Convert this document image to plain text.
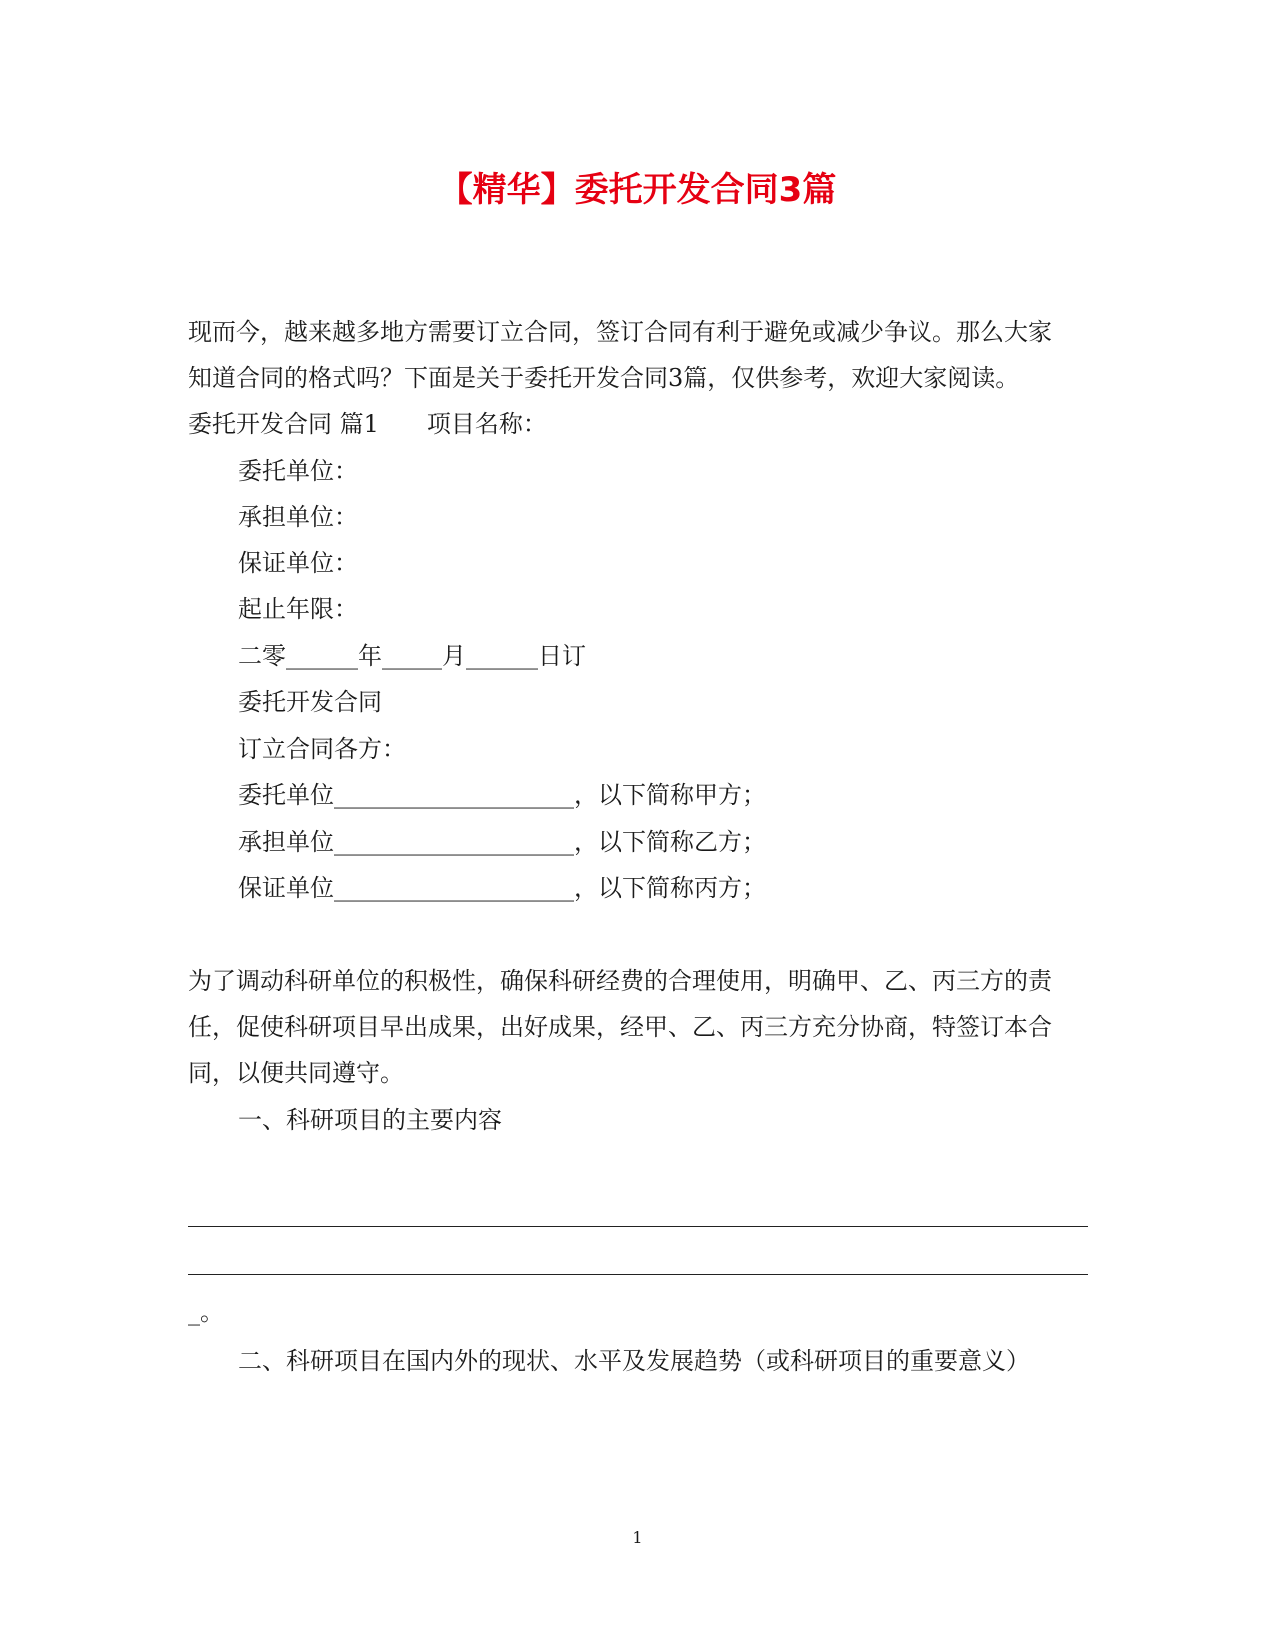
【精华】委托开发合同3篇
现而今，越来越多地方需要订立合同，签订合同有利于避免或减少争议。那么大家
知道合同的格式吗？下面是关于委托开发合同3篇，仅供参考，欢迎大家阅读。
委托开发合同 篇1 项目名称：
委托单位：
承担单位：
保证单位：
起止年限：
二零______年_____月______日订
委托开发合同
订立合同各方：
委托单位____________________，以下简称甲方；
承担单位____________________，以下简称乙方；
保证单位____________________，以下简称丙方；
为了调动科研单位的积极性，确保科研经费的合理使用，明确甲、乙、丙三方的责
任，促使科研项目早出成果，出好成果，经甲、乙、丙三方充分协商，特签订本合
同，以便共同遵守。
一、科研项目的主要内容
_。
二、科研项目在国内外的现状、水平及发展趋势（或科研项目的重要意义）
1
